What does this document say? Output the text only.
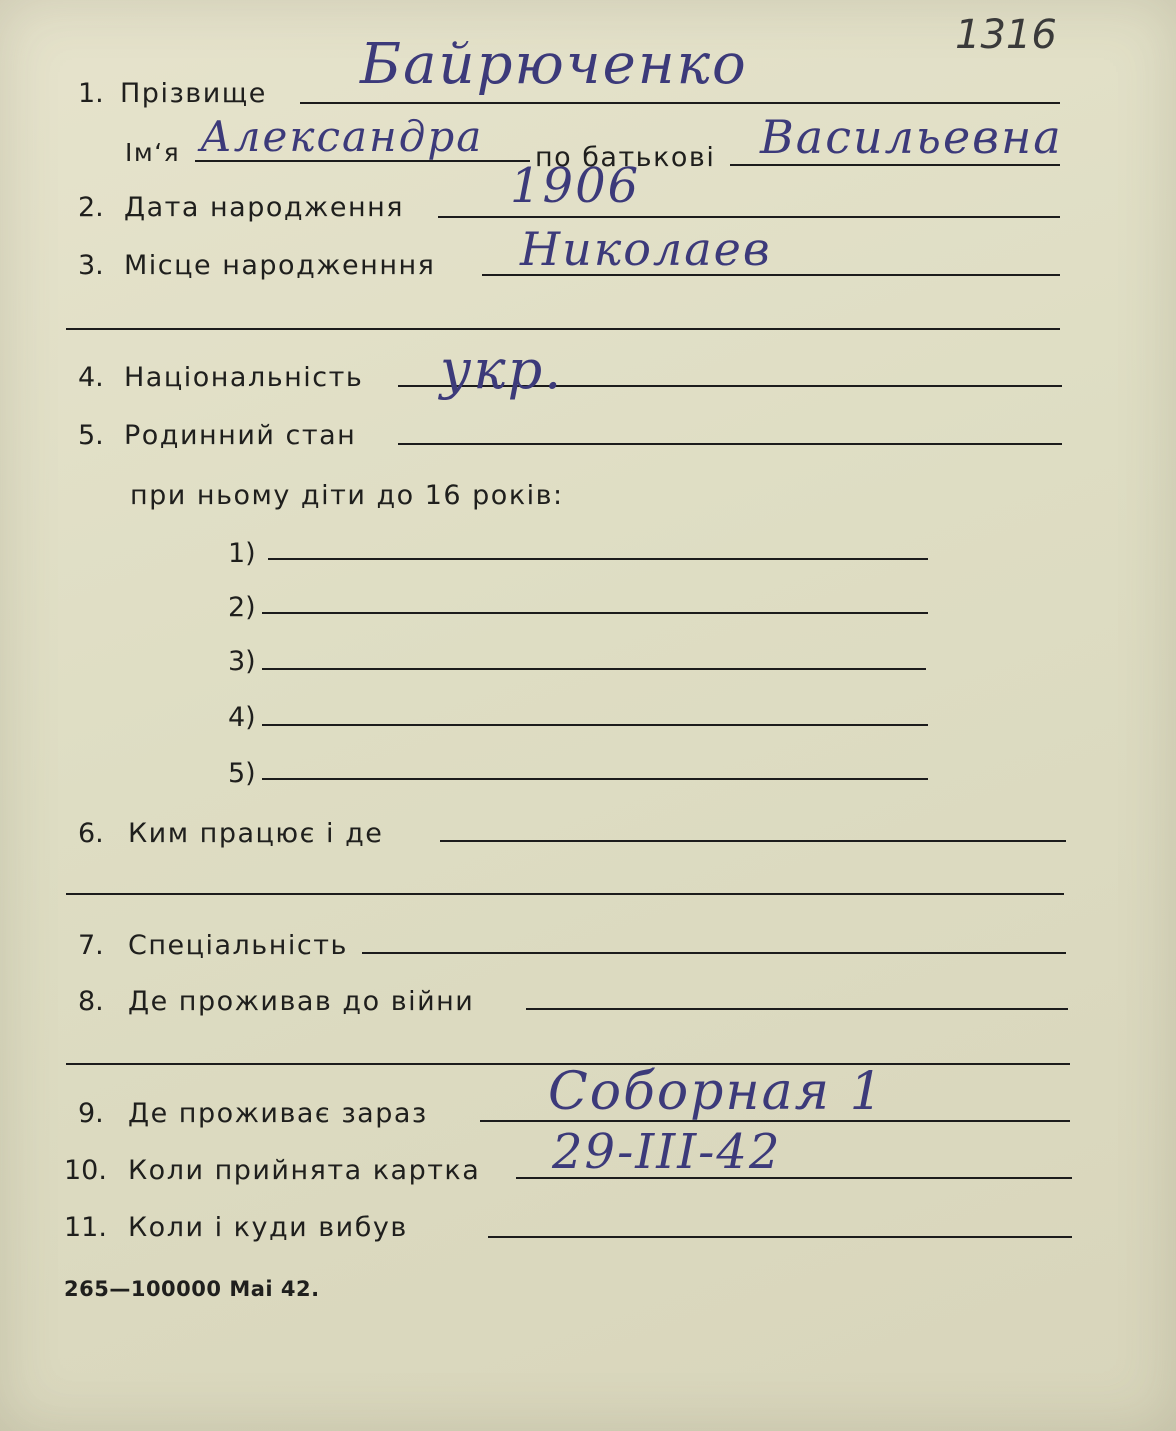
1316
1. Прізвище Байрюченко
Ім‘я Александра по батькові Васильевна
2. Дата народження 1906
3. Місце народженння Николаев
4. Національність укр.
5. Родинний стан
при ньому діти до 16 років:
1)
2)
3)
4)
5)
6. Ким працює і де
7. Спеціальність
8. Де проживав до війни
9. Де проживає зараз Соборная 1
10. Коли прийнята картка 29-III-42
11. Коли і куди вибув
265—100000 Mai 42.
